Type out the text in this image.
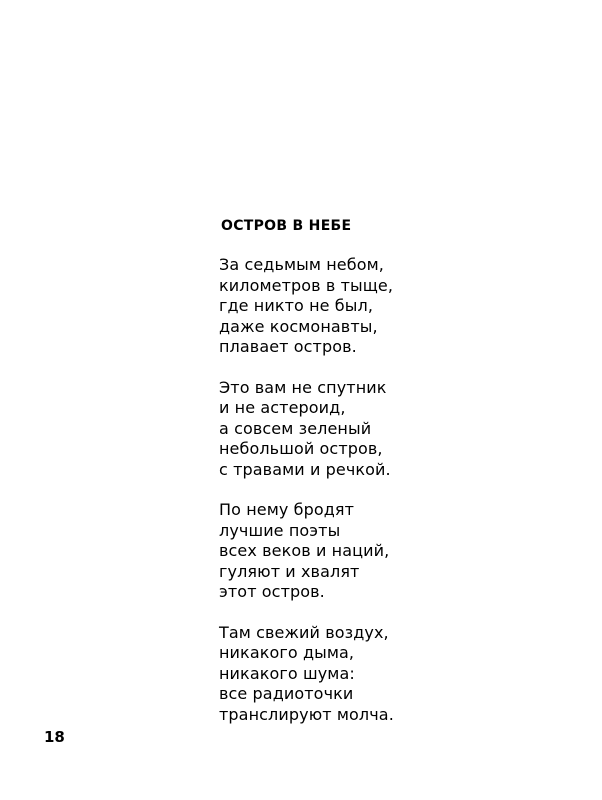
ОСТРОВ В НЕБЕ
За седьмым небом,
километров в тыще,
где никто не был,
даже космонавты,
плавает остров.
Это вам не спутник
и не астероид,
а совсем зеленый
небольшой остров,
с травами и речкой.
По нему бродят
лучшие поэты
всех веков и наций,
гуляют и хвалят
этот остров.
Там свежий воздух,
никакого дыма,
никакого шума:
все радиоточки
транслируют молча.
18
